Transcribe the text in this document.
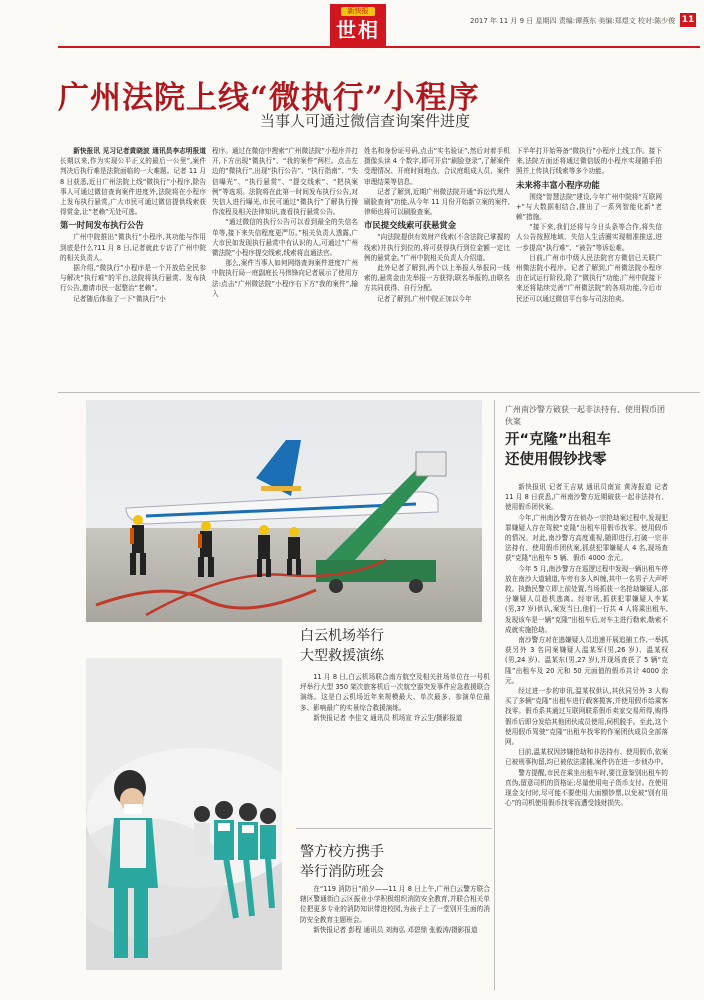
新快报
世相	2017 年 11 月 9 日 星期四 责编:谭燕东 美编:郑煜文 校对:陈少俊 11
广州法院上线“微执行”小程序
当事人可通过微信查询案件进度

新快报讯 见习记者黄晓波 通讯员李志明报道 长期以来,作为实现公平正义的最后一公里”,案件判决后执行难是法院面临的一大难题。记者 11 月 8 日获悉,近日广州法院上线“微执行”小程序,除告事人可通过微信查询案件进度外,法院将在小程序上发布执行悬赏,广大市民可通过微信提供线索获得赏金,让“老赖”无处可逃。

第一时间发布执行公告

广州中院推出“微执行”小程序,其功能与作用到底是什么?11 月 8 日,记者就此专访了广州中院的相关负责人。

据介绍,“微执行”小程序是一个开放给全民参与解决“执行难”的平台,法院将执行悬赏、发布执行公告,邀请市民一起整治“老赖”。

记者随后体验了一下“微执行”小

程序。通过在微信中搜索“广州微法院”小程序并打开,下方出现“微执行”、“我的案件”两栏。点击左边的“微执行”,出现“执行公告”、“执行指南”、“失信曝光”、“执行悬赏”、“提交线索”、“把执案例”等选项。法院将在此第一时间发布执行公告,对失信人进行曝光,市民可通过“微执行”了解执行操作流程及相关法律知识,查看执行悬赏公告。

“通过微信的执行公告可以看到最全的失信名单等,接下来失信程度更严厉。”相关负责人透露,广大市民如发现执行悬赏中有认识的人,可通过“广州微法院”小程序提交线索,线索将直通法官。

那么,案件当事人如何网络查询案件进度?广州中院执行局一庭副庭长马伟锋向记者展示了使用方法:点击“广州微法院”小程序右下方“我的案件”,输入

姓名和身份证号码,点击“实名验证”,然后对着手机摄像头读 4 个数字,即可开启“刷脸登录”,了解案件受理情况、开庭时间地点、合议庭组成人员、案件审理结果等信息。

记者了解到,近期广州微法院开通“诉讼代理人刷脸查询”功能,从今年 11 月份开始新立案的案件,律师也将可以刷脸查案。

市民提交线索可获悬赏金

“向法院提供有效财产线索(不含法院已掌握的线索)并执行到位的,将可获得执行到位金额一定比例的悬赏金。”广州中院相关负责人介绍道。

此外记者了解到,两个以上举报人举报同一线索的,悬赏金由先举报一方获得;联名举报的,由联名方共同获得、自行分配。

记者了解到,广州中院正加以今年

下半年打开始筹备“微执行”小程序上线工作。接下来,法院方面还将通过微信版的小程序实现随手拍照并上传执行线索等多个功能。

未来将丰富小程序功能

围绕“智慧法院”建设,今年广州中院将“互联网+”与大数据相结合,推出了一系列智能化新“老赖”措施。

“接下来,我们还将与今日头条等合作,将失信人公告按照地域、失信人生活圈实现精准推送,进一步提高“执行难”、“被告”等诉讼难。

目前,广州市中级人民法院官方微信已关联广州微法院小程序。记者了解到,广州微法院小程序由在试运行阶段,除了“微执行”功能,广州中院接下来还将陆续完善“广州微法院”的各项功能,今后市民还可以通过微信平台参与司法拍卖。

白云机场举行
大型救援演练

11 月 8 日,白云机场联合南方航空及相关驻场单位在一号机坪举行大型 350 架次旅客机后一次航空器突发事件应急救援联合演练。这是白云机场近年来规模最大、单次最多、参演单位最多、影响最广的实景综合救援演练。

新快报记者 李佳文 通讯员 机场宣 许云生/摄影报道

警方校方携手
举行消防班会

在“119 消防日”前夕——11 月 8 日上午,广州白云警方联合辖区警通街白云区振业小学积极组织消防安全教育,并联合相关单位把更多专业的消防知识带进校园,为孩子上了一堂别开生面的消防安全教育主题班会。

新快报记者 彭程 通讯员 刘海弘 邓碧鼎 张毅涛/摄影报道

广州南沙警方破获一起非法持有、使用假币团伙案
开“克隆”出租车
还使用假钞找零

新快报讯 记者王吉斌 通讯员南宣 黄涛报道 记者 11 月 8 日获悉,广州南沙警方近期破获一起非法持有、使用假币团伙案。

今年,广州南沙警方在侦办一宗抢劫案过程中,发现犯罪嫌疑人存在驾驶“克隆”出租车用假币找零。使用假币的情况。对此,南沙警方高度重视,随即进行,打破一宗非法持有、使用假币团伙案,抓获犯罪嫌疑人 4 名,现场查获“克隆”出租车 5 辆、假币 4000 余元。

今年 5 月,南沙警方在巡逻过程中发现一辆出租车停放在南沙大道辅道,车旁有多人纠缠,其中一名男子大声呼救。执勤民警立即上前处置,当场抓获一名抢劫嫌疑人,部分嫌疑人员趁机逃离。经审讯,抓获犯罪嫌疑人李某(男,37 岁)供认,案发当日,他们一行共 4 人将乘出租车,发现该车是一辆“克隆”出租车后,对车主进行勒索,勒索不成就实施抢劫。

南沙警方对在逃嫌疑人员迅速开展追捕工作,一举抓获另外 3 名同案嫌疑人温某军(男,26 岁)、温某权(男,24 岁)、温某东(男,27 岁),并现场查获了 5 辆“克隆”出租车及 20 元和 50 元面值的假币共计 4000 余元。

经过进一步的审讯,温某权供认,其伙同另外 3 人购买了多辆“克隆”出租车进行载客揽客,并使用假币给乘客找零。假币系其通过互联网联系假币卖家交易所得,购得假币后即分发给其他团伙成员使用,伺机脱手。至此,这个使用假币驾驶“克隆”出租车找零的作案团伙成员全部落网。

目前,温某权因涉嫌抢劫和非法持有、使用假币,依案已被刑事拘留,均已被依法逮捕,案件仍在进一步侦办中。

警方提醒,市民在乘坐出租车时,要注意鉴别出租车的真伪,留意司机的资格证;尽量使用电子货币支付。在使用现金支付时,尽可能不要使用大面额钞票,以免被“别有用心”的司机使用假币找零而遭受钱财损失。
